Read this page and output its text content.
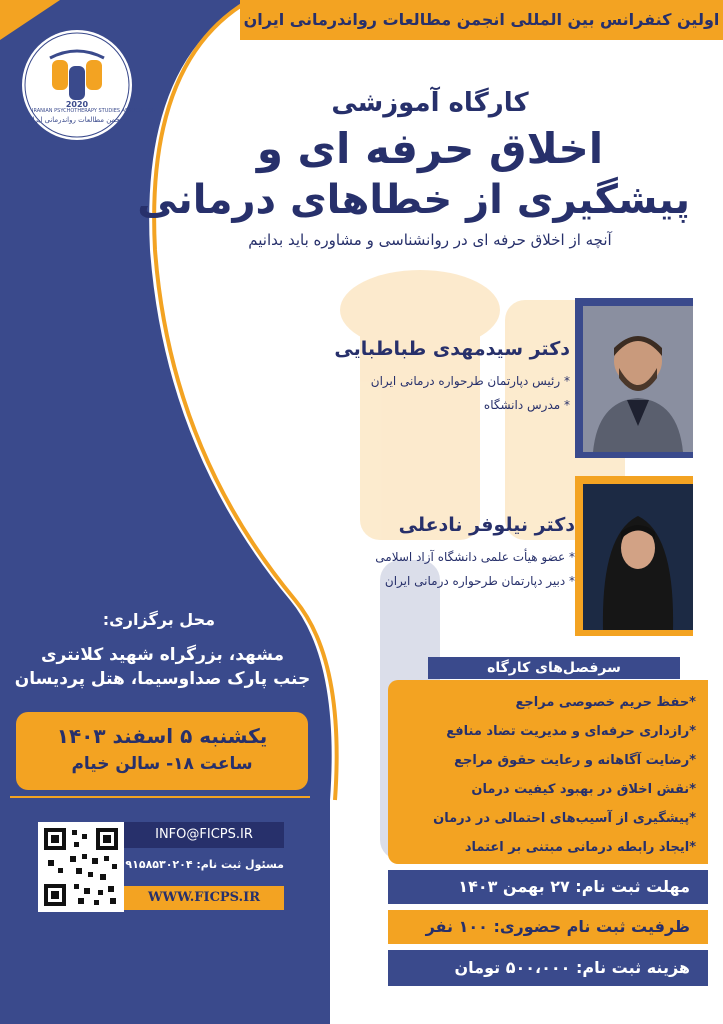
اولین کنفرانس بین المللی انجمن مطالعات رواندرمانی ایران
2020
IRANIAN PSYCHOTHERAPY STUDIES ASSOCIATION
انجمن مطالعات رواندرمانی ایران
کارگاه آموزشی
اخلاق حرفه ای و
پیشگیری از خطاهای درمانی
آنچه از اخلاق حرفه ای در روانشناسی و مشاوره باید بدانیم
دکتر سیدمهدی طباطبایی
* رئیس دپارتمان طرحواره درمانی ایران
* مدرس دانشگاه
دکتر نیلوفر نادعلی
* عضو هیأت علمی دانشگاه آزاد اسلامی
* دبیر دپارتمان طرحواره درمانی ایران
محل برگزاری:
مشهد، بزرگراه شهید کلانتری
جنب پارک صداوسیما، هتل پردیسان
یکشنبه ۵ اسفند ۱۴۰۳
ساعت ۱۸- سالن خیام
INFO@FICPS.IR
مسئول ثبت نام: ۰۹۱۵۸۵۳۰۲۰۴
WWW.FICPS.IR
سرفصل‌های کارگاه
*حفظ حریم خصوصی مراجع
*رازداری حرفه‌ای و مدیریت تضاد منافع
*رضایت آگاهانه و رعایت حقوق مراجع
*نقش اخلاق در بهبود کیفیت درمان
*پیشگیری از آسیب‌های احتمالی در درمان
*ایجاد رابطه درمانی مبتنی بر اعتماد
مهلت ثبت نام: ۲۷ بهمن ۱۴۰۳
ظرفیت ثبت نام حضوری: ۱۰۰ نفر
هزینه ثبت نام: ۵۰۰،۰۰۰ تومان
